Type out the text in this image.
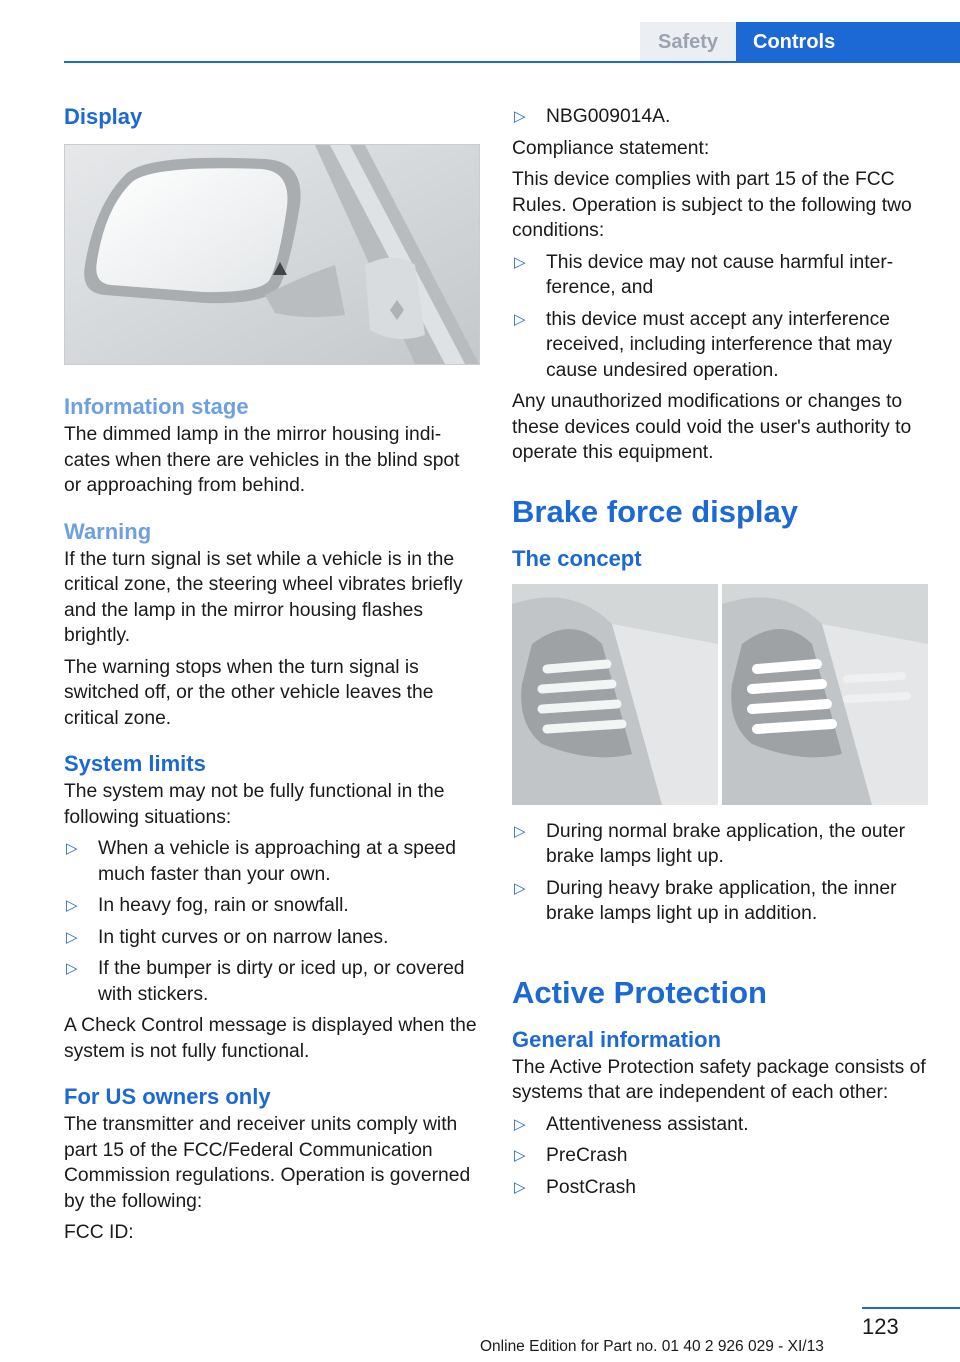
Safety	Controls
Display
Information stage

The dimmed lamp in the mirror housing indicates when there are vehicles in the blind spot or approaching from behind.

Warning

If the turn signal is set while a vehicle is in the critical zone, the steering wheel vibrates briefly and the lamp in the mirror housing flashes brightly.

The warning stops when the turn signal is switched off, or the other vehicle leaves the critical zone.

System limits

The system may not be fully functional in the following situations:

▷ When a vehicle is approaching at a speed much faster than your own.
▷ In heavy fog, rain or snowfall.
▷ In tight curves or on narrow lanes.
▷ If the bumper is dirty or iced up, or covered with stickers.

A Check Control message is displayed when the system is not fully functional.

For US owners only

The transmitter and receiver units comply with part 15 of the FCC/Federal Communication Commission regulations. Operation is governed by the following:

FCC ID:

▷ NBG009014A.

Compliance statement:

This device complies with part 15 of the FCC Rules. Operation is subject to the following two conditions:

▷ This device may not cause harmful interference, and
▷ this device must accept any interference received, including interference that may cause undesired operation.

Any unauthorized modifications or changes to these devices could void the user's authority to operate this equipment.

Brake force display
The concept
▷ During normal brake application, the outer brake lamps light up.
▷ During heavy brake application, the inner brake lamps light up in addition.
Active Protection
General information

The Active Protection safety package consists of systems that are independent of each other:

▷ Attentiveness assistant.
▷ PreCrash
▷ PostCrash
123
Online Edition for Part no. 01 40 2 926 029 - XI/13
